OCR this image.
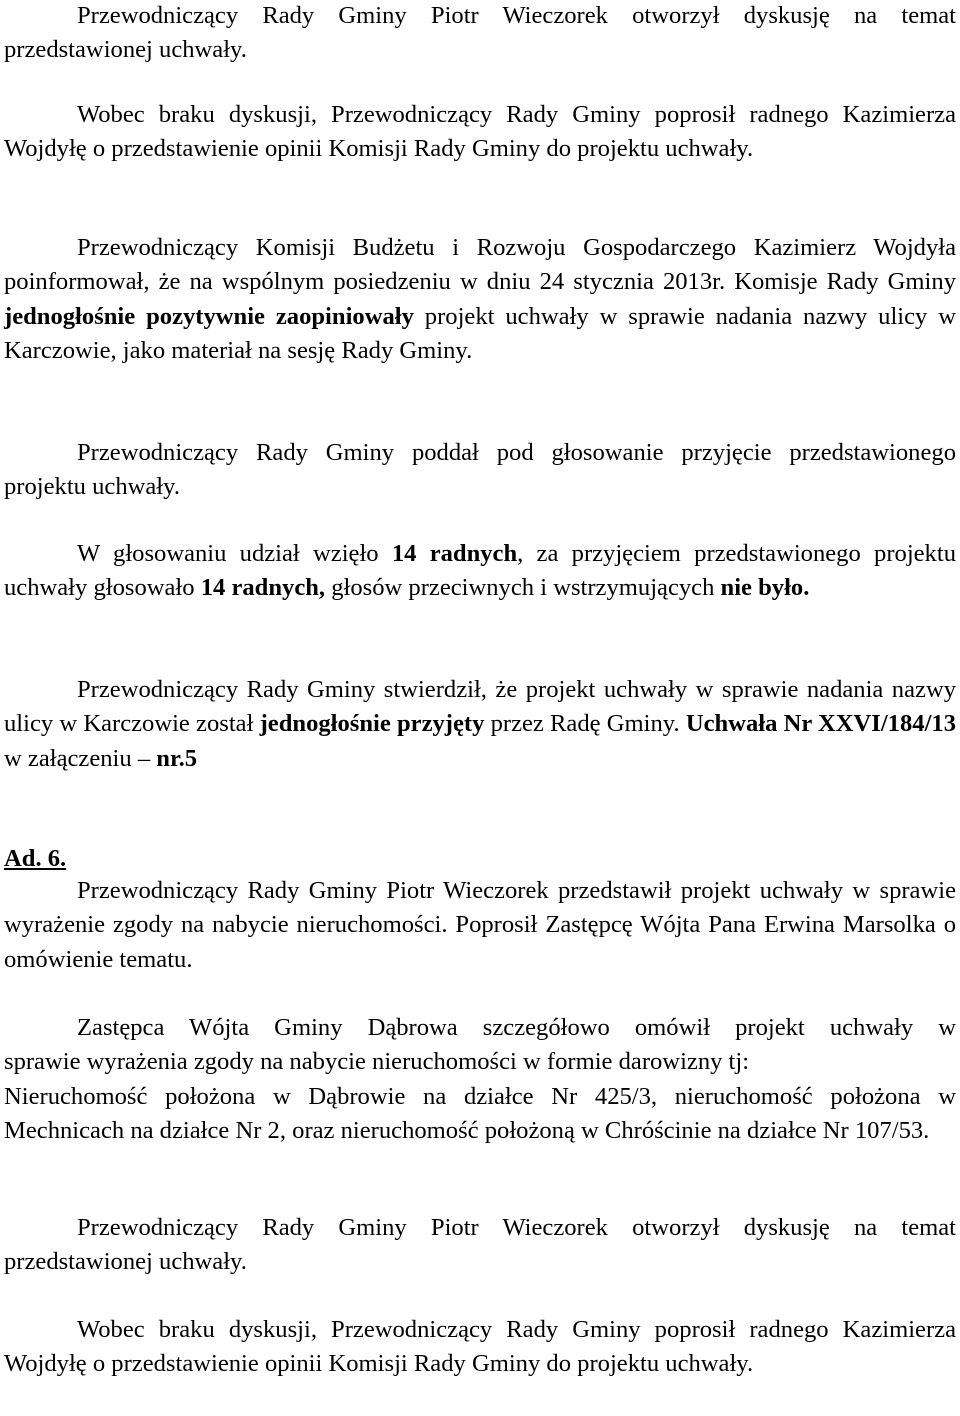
Przewodniczący Rady Gminy Piotr Wieczorek otworzył dyskusję na temat przedstawionej uchwały.

Wobec braku dyskusji, Przewodniczący Rady Gminy poprosił radnego Kazimierza Wojdyłę o przedstawienie opinii Komisji Rady Gminy do projektu uchwały.

Przewodniczący Komisji Budżetu i Rozwoju Gospodarczego Kazimierz Wojdyła poinformował, że na wspólnym posiedzeniu w dniu 24 stycznia 2013r. Komisje Rady Gminy jednogłośnie pozytywnie zaopiniowały projekt uchwały w sprawie nadania nazwy ulicy w Karczowie, jako materiał na sesję Rady Gminy.

Przewodniczący Rady Gminy poddał pod głosowanie przyjęcie przedstawionego projektu uchwały.

W głosowaniu udział wzięło 14 radnych, za przyjęciem przedstawionego projektu uchwały głosowało 14 radnych, głosów przeciwnych i wstrzymujących nie było.

Przewodniczący Rady Gminy stwierdził, że projekt uchwały w sprawie nadania nazwy ulicy w Karczowie został jednogłośnie przyjęty przez Radę Gminy. Uchwała Nr XXVI/184/13 w załączeniu – nr.5

Ad. 6.

Przewodniczący Rady Gminy Piotr Wieczorek przedstawił projekt uchwały w sprawie wyrażenie zgody na nabycie nieruchomości. Poprosił Zastępcę Wójta Pana Erwina Marsolka o omówienie tematu.

Zastępca Wójta Gminy Dąbrowa szczegółowo omówił projekt uchwały w
sprawie wyrażenia zgody na nabycie nieruchomości w formie darowizny tj:
Nieruchomość położona w Dąbrowie na działce Nr 425/3, nieruchomość położona w Mechnicach na działce Nr 2, oraz nieruchomość położoną w Chróścinie na działce Nr 107/53.

Przewodniczący Rady Gminy Piotr Wieczorek otworzył dyskusję na temat przedstawionej uchwały.

Wobec braku dyskusji, Przewodniczący Rady Gminy poprosił radnego Kazimierza Wojdyłę o przedstawienie opinii Komisji Rady Gminy do projektu uchwały.
